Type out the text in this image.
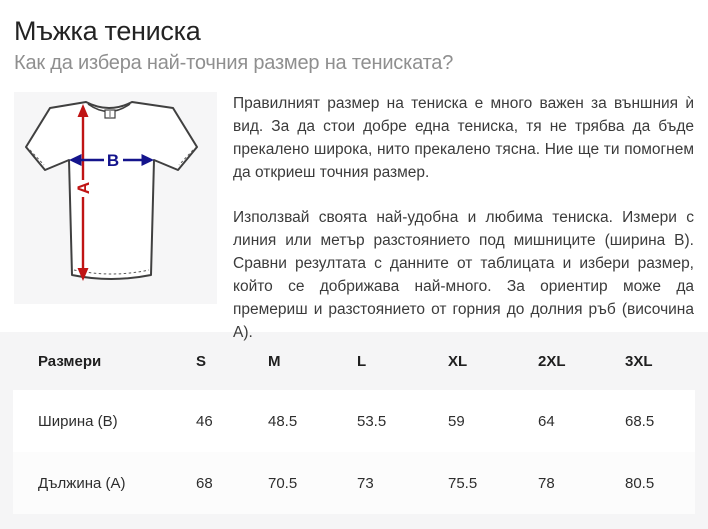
Мъжка тениска
Как да избера най-точния размер на тениската?
A
B

Правилният размер на тениска е много важен за външния ѝ вид. За да стои добре една тениска, тя не трябва да бъде прекалено широка, нито прекалено тясна. Ние ще ти помогнем да откриеш точния размер.

Използвай своята най-удобна и любима тениска. Измери с линия или метър разстоянието под мишниците (ширина B). Сравни резултата с данните от таблицата и избери размер, който се добрижава най-много. За ориентир може да премериш и разстоянието от горния до долния ръб (височина A).

Размери	S	M	L	XL	2XL	3XL
Ширина (B)	46	48.5	53.5	59	64	68.5
Дължина (A)	68	70.5	73	75.5	78	80.5
